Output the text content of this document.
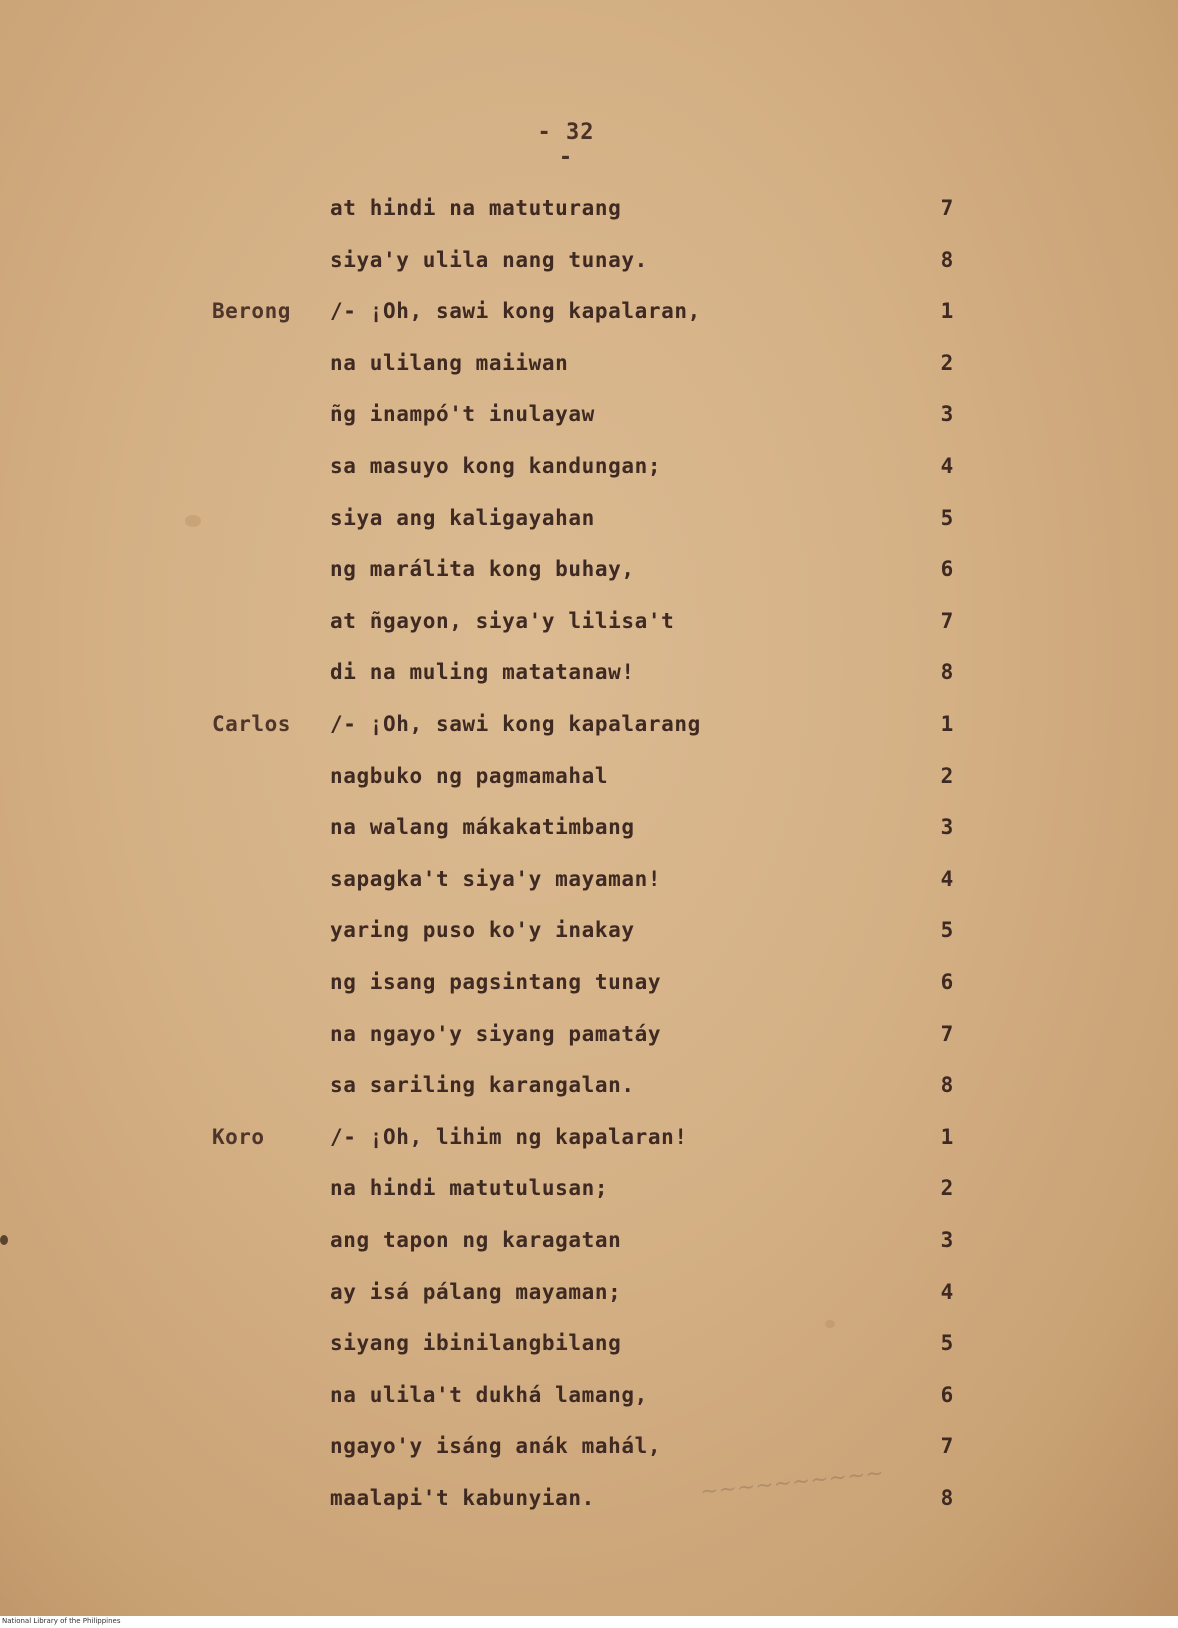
- 32 -
at hindi na matuturang	7
siya'y ulila nang tunay.	8
Berong /- ¡Oh, sawi kong kapalaran,	1
na ulilang maiiwan	2
ñg inampó't inulayaw	3
sa masuyo kong kandungan;	4
siya ang kaligayahan	5
ng marálita kong buhay,	6
at ñgayon, siya'y lilisa't	7
di na muling matatanaw!	8
Carlos /- ¡Oh, sawi kong kapalarang	1
nagbuko ng pagmamahal	2
na walang mákakatimbang	3
sapagka't siya'y mayaman!	4
yaring puso ko'y inakay	5
ng isang pagsintang tunay	6
na ngayo'y siyang pamatáy	7
sa sariling karangalan.	8
Koro	/- ¡Oh, lihim ng kapalaran!	1
na hindi matutulusan;	2
ang tapon ng karagatan	3
ay isá pálang mayaman;	4
siyang ibinilangbilang	5
na ulila't dukhá lamang,	6
ngayo'y isáng anák mahál,	7
maalapi't kabunyian.	8
~~~~~~~~~~
National Library of the Philippines
